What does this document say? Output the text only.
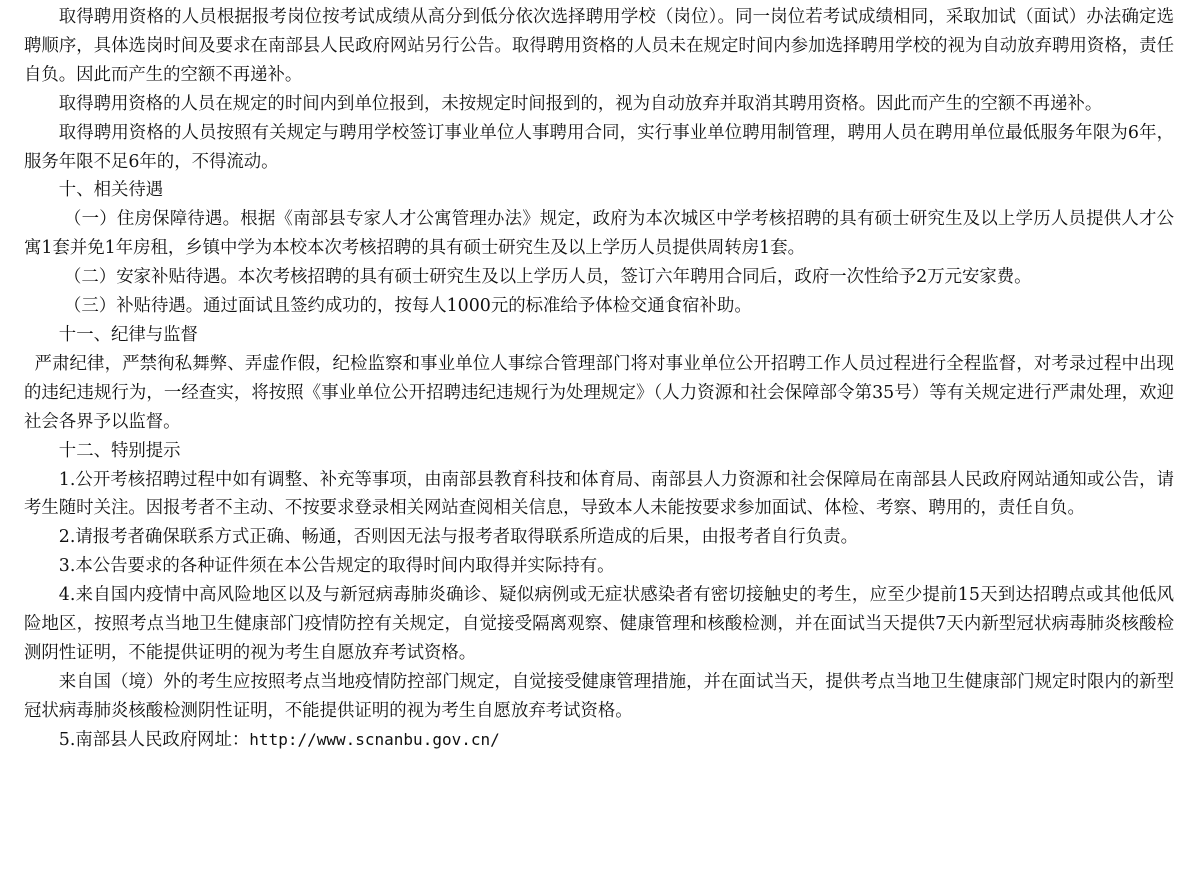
取得聘用资格的人员根据报考岗位按考试成绩从高分到低分依次选择聘用学校（岗位）。同一岗位若考试成绩相同，采取加试（面试）办法确定选聘顺序，具体选岗时间及要求在南部县人民政府网站另行公告。取得聘用资格的人员未在规定时间内参加选择聘用学校的视为自动放弃聘用资格，责任自负。因此而产生的空额不再递补。

取得聘用资格的人员在规定的时间内到单位报到，未按规定时间报到的，视为自动放弃并取消其聘用资格。因此而产生的空额不再递补。

取得聘用资格的人员按照有关规定与聘用学校签订事业单位人事聘用合同，实行事业单位聘用制管理，聘用人员在聘用单位最低服务年限为6年，服务年限不足6年的，不得流动。

十、相关待遇

（一）住房保障待遇。根据《南部县专家人才公寓管理办法》规定，政府为本次城区中学考核招聘的具有硕士研究生及以上学历人员提供人才公寓1套并免1年房租，乡镇中学为本校本次考核招聘的具有硕士研究生及以上学历人员提供周转房1套。

（二）安家补贴待遇。本次考核招聘的具有硕士研究生及以上学历人员，签订六年聘用合同后，政府一次性给予2万元安家费。

（三）补贴待遇。通过面试且签约成功的，按每人1000元的标准给予体检交通食宿补助。

十一、纪律与监督

严肃纪律，严禁徇私舞弊、弄虚作假，纪检监察和事业单位人事综合管理部门将对事业单位公开招聘工作人员过程进行全程监督，对考录过程中出现的违纪违规行为，一经查实，将按照《事业单位公开招聘违纪违规行为处理规定》（人力资源和社会保障部令第35号）等有关规定进行严肃处理，欢迎社会各界予以监督。

十二、特别提示

1.公开考核招聘过程中如有调整、补充等事项，由南部县教育科技和体育局、南部县人力资源和社会保障局在南部县人民政府网站通知或公告，请考生随时关注。因报考者不主动、不按要求登录相关网站查阅相关信息，导致本人未能按要求参加面试、体检、考察、聘用的，责任自负。

2.请报考者确保联系方式正确、畅通，否则因无法与报考者取得联系所造成的后果，由报考者自行负责。

3.本公告要求的各种证件须在本公告规定的取得时间内取得并实际持有。

4.来自国内疫情中高风险地区以及与新冠病毒肺炎确诊、疑似病例或无症状感染者有密切接触史的考生，应至少提前15天到达招聘点或其他低风险地区，按照考点当地卫生健康部门疫情防控有关规定，自觉接受隔离观察、健康管理和核酸检测，并在面试当天提供7天内新型冠状病毒肺炎核酸检测阴性证明，不能提供证明的视为考生自愿放弃考试资格。

来自国（境）外的考生应按照考点当地疫情防控部门规定，自觉接受健康管理措施，并在面试当天，提供考点当地卫生健康部门规定时限内的新型冠状病毒肺炎核酸检测阴性证明，不能提供证明的视为考生自愿放弃考试资格。

5.南部县人民政府网址：http://www.scnanbu.gov.cn/
